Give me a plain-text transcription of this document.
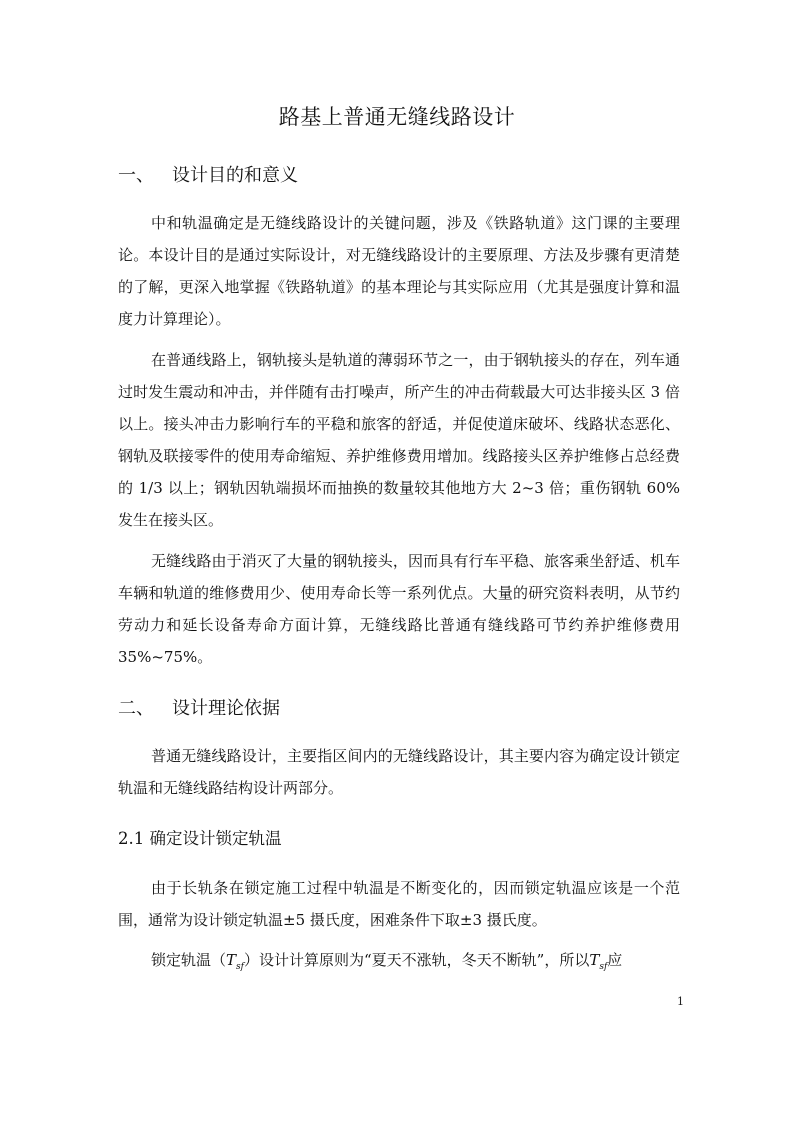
路基上普通无缝线路设计
一、 设计目的和意义

中和轨温确定是无缝线路设计的关键问题，涉及《铁路轨道》这门课的主要理论。本设计目的是通过实际设计，对无缝线路设计的主要原理、方法及步骤有更清楚的了解，更深入地掌握《铁路轨道》的基本理论与其实际应用（尤其是强度计算和温度力计算理论）。

在普通线路上，钢轨接头是轨道的薄弱环节之一，由于钢轨接头的存在，列车通过时发生震动和冲击，并伴随有击打噪声，所产生的冲击荷载最大可达非接头区 3 倍以上。接头冲击力影响行车的平稳和旅客的舒适，并促使道床破坏、线路状态恶化、钢轨及联接零件的使用寿命缩短、养护维修费用增加。线路接头区养护维修占总经费的 1/3 以上；钢轨因轨端损坏而抽换的数量较其他地方大 2~3 倍；重伤钢轨 60%发生在接头区。

无缝线路由于消灭了大量的钢轨接头，因而具有行车平稳、旅客乘坐舒适、机车车辆和轨道的维修费用少、使用寿命长等一系列优点。大量的研究资料表明，从节约劳动力和延长设备寿命方面计算，无缝线路比普通有缝线路可节约养护维修费用 35%~75%。

二、 设计理论依据

普通无缝线路设计，主要指区间内的无缝线路设计，其主要内容为确定设计锁定轨温和无缝线路结构设计两部分。

2.1 确定设计锁定轨温

由于长轨条在锁定施工过程中轨温是不断变化的，因而锁定轨温应该是一个范围，通常为设计锁定轨温±5 摄氏度，困难条件下取±3 摄氏度。

锁定轨温$(T_{sf})$设计计算原则为“夏天不涨轨，冬天不断轨”，所以$T_{sf}$应

1
